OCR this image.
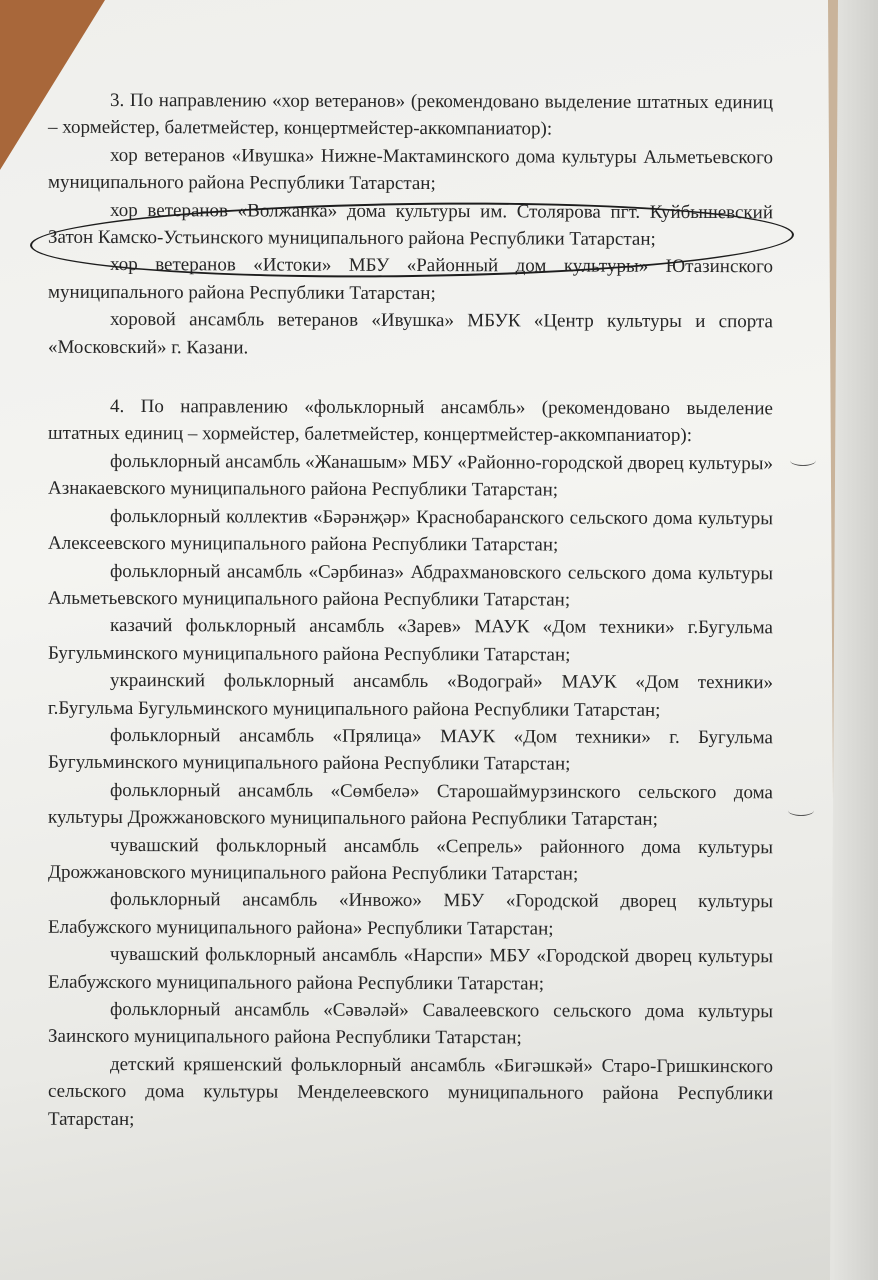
3. По направлению «хор ветеранов» (рекомендовано выделение штатных единиц – хормейстер, балетмейстер, концертмейстер-аккомпаниатор):

хор ветеранов «Ивушка» Нижне-Мактаминского дома культуры Альметьевского муниципального района Республики Татарстан;

хор ветеранов «Волжанка» дома культуры им. Столярова пгт. Куйбышевский Затон Камско-Устьинского муниципального района Республики Татарстан;

хор ветеранов «Истоки» МБУ «Районный дом культуры» Ютазинского муниципального района Республики Татарстан;

хоровой ансамбль ветеранов «Ивушка» МБУК «Центр культуры и спорта «Московский» г. Казани.

4. По направлению «фольклорный ансамбль» (рекомендовано выделение штатных единиц – хормейстер, балетмейстер, концертмейстер-аккомпаниатор):

фольклорный ансамбль «Жанашым» МБУ «Районно-городской дворец культуры» Азнакаевского муниципального района Республики Татарстан;

фольклорный коллектив «Бәрәнҗәр» Краснобаранского сельского дома культуры Алексеевского муниципального района Республики Татарстан;

фольклорный ансамбль «Сәрбиназ» Абдрахмановского сельского дома культуры Альметьевского муниципального района Республики Татарстан;

казачий фольклорный ансамбль «Зарев» МАУК «Дом техники» г.Бугульма Бугульминского муниципального района Республики Татарстан;

украинский фольклорный ансамбль «Водограй» МАУК «Дом техники» г.Бугульма Бугульминского муниципального района Республики Татарстан;

фольклорный ансамбль «Прялица» МАУК «Дом техники» г. Бугульма Бугульминского муниципального района Республики Татарстан;

фольклорный ансамбль «Сөмбелә» Старошаймурзинского сельского дома культуры Дрожжановского муниципального района Республики Татарстан;

чувашский фольклорный ансамбль «Сепрель» районного дома культуры Дрожжановского муниципального района Республики Татарстан;

фольклорный ансамбль «Инвожо» МБУ «Городской дворец культуры Елабужского муниципального района» Республики Татарстан;

чувашский фольклорный ансамбль «Нарспи» МБУ «Городской дворец культуры Елабужского муниципального района Республики Татарстан;

фольклорный ансамбль «Сәвәләй» Савалеевского сельского дома культуры Заинского муниципального района Республики Татарстан;

детский кряшенский фольклорный ансамбль «Бигәшкәй» Старо-Гришкинского сельского дома культуры Менделеевского муниципального района Республики Татарстан;
